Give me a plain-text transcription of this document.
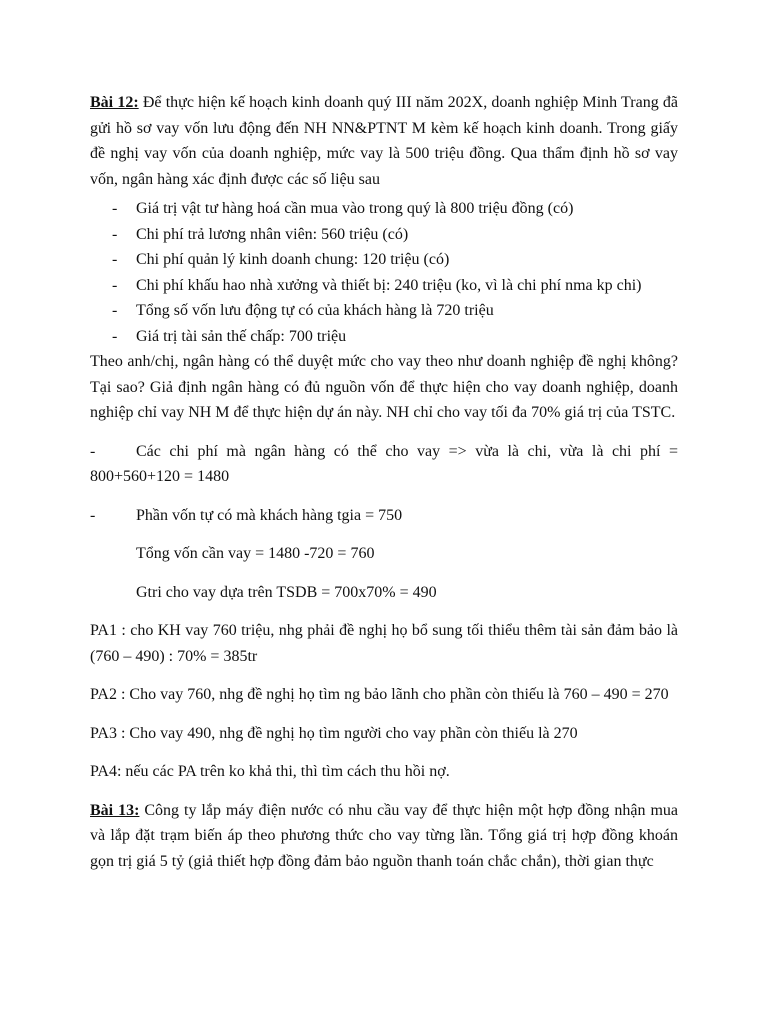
Bài 12: Để thực hiện kế hoạch kinh doanh quý III năm 202X, doanh nghiệp Minh Trang đã gửi hồ sơ vay vốn lưu động đến NH NN&PTNT M kèm kế hoạch kinh doanh. Trong giấy đề nghị vay vốn của doanh nghiệp, mức vay là 500 triệu đồng. Qua thẩm định hồ sơ vay vốn, ngân hàng xác định được các số liệu sau

- Giá trị vật tư hàng hoá cần mua vào trong quý là 800 triệu đồng (có)
- Chi phí trả lương nhân viên: 560 triệu (có)
- Chi phí quản lý kinh doanh chung: 120 triệu (có)
- Chi phí khấu hao nhà xưởng và thiết bị: 240 triệu (ko, vì là chi phí nma kp chi)
- Tổng số vốn lưu động tự có của khách hàng là 720 triệu
- Giá trị tài sản thế chấp: 700 triệu

Theo anh/chị, ngân hàng có thể duyệt mức cho vay theo như doanh nghiệp đề nghị không? Tại sao? Giả định ngân hàng có đủ nguồn vốn để thực hiện cho vay doanh nghiệp, doanh nghiệp chỉ vay NH M để thực hiện dự án này. NH chỉ cho vay tối đa 70% giá trị của TSTC.

-	Các chi phí mà ngân hàng có thể cho vay => vừa là chi, vừa là chi phí = 800+560+120 = 1480

-	Phần vốn tự có mà khách hàng tgia = 750

Tổng vốn cần vay = 1480 -720 = 760

Gtri cho vay dựa trên TSDB = 700x70% = 490

PA1 : cho KH vay 760 triệu, nhg phải đề nghị họ bổ sung tối thiểu thêm tài sản đảm bảo là (760 – 490) : 70% = 385tr

PA2 : Cho vay 760, nhg đề nghị họ tìm ng bảo lãnh cho phần còn thiếu là 760 – 490 = 270

PA3 : Cho vay 490, nhg đề nghị họ tìm người cho vay phần còn thiếu là 270

PA4: nếu các PA trên ko khả thi, thì tìm cách thu hồi nợ.

Bài 13: Công ty lắp máy điện nước có nhu cầu vay để thực hiện một hợp đồng nhận mua và lắp đặt trạm biến áp theo phương thức cho vay từng lần. Tổng giá trị hợp đồng khoán gọn trị giá 5 tỷ (giả thiết hợp đồng đảm bảo nguồn thanh toán chắc chắn), thời gian thực
